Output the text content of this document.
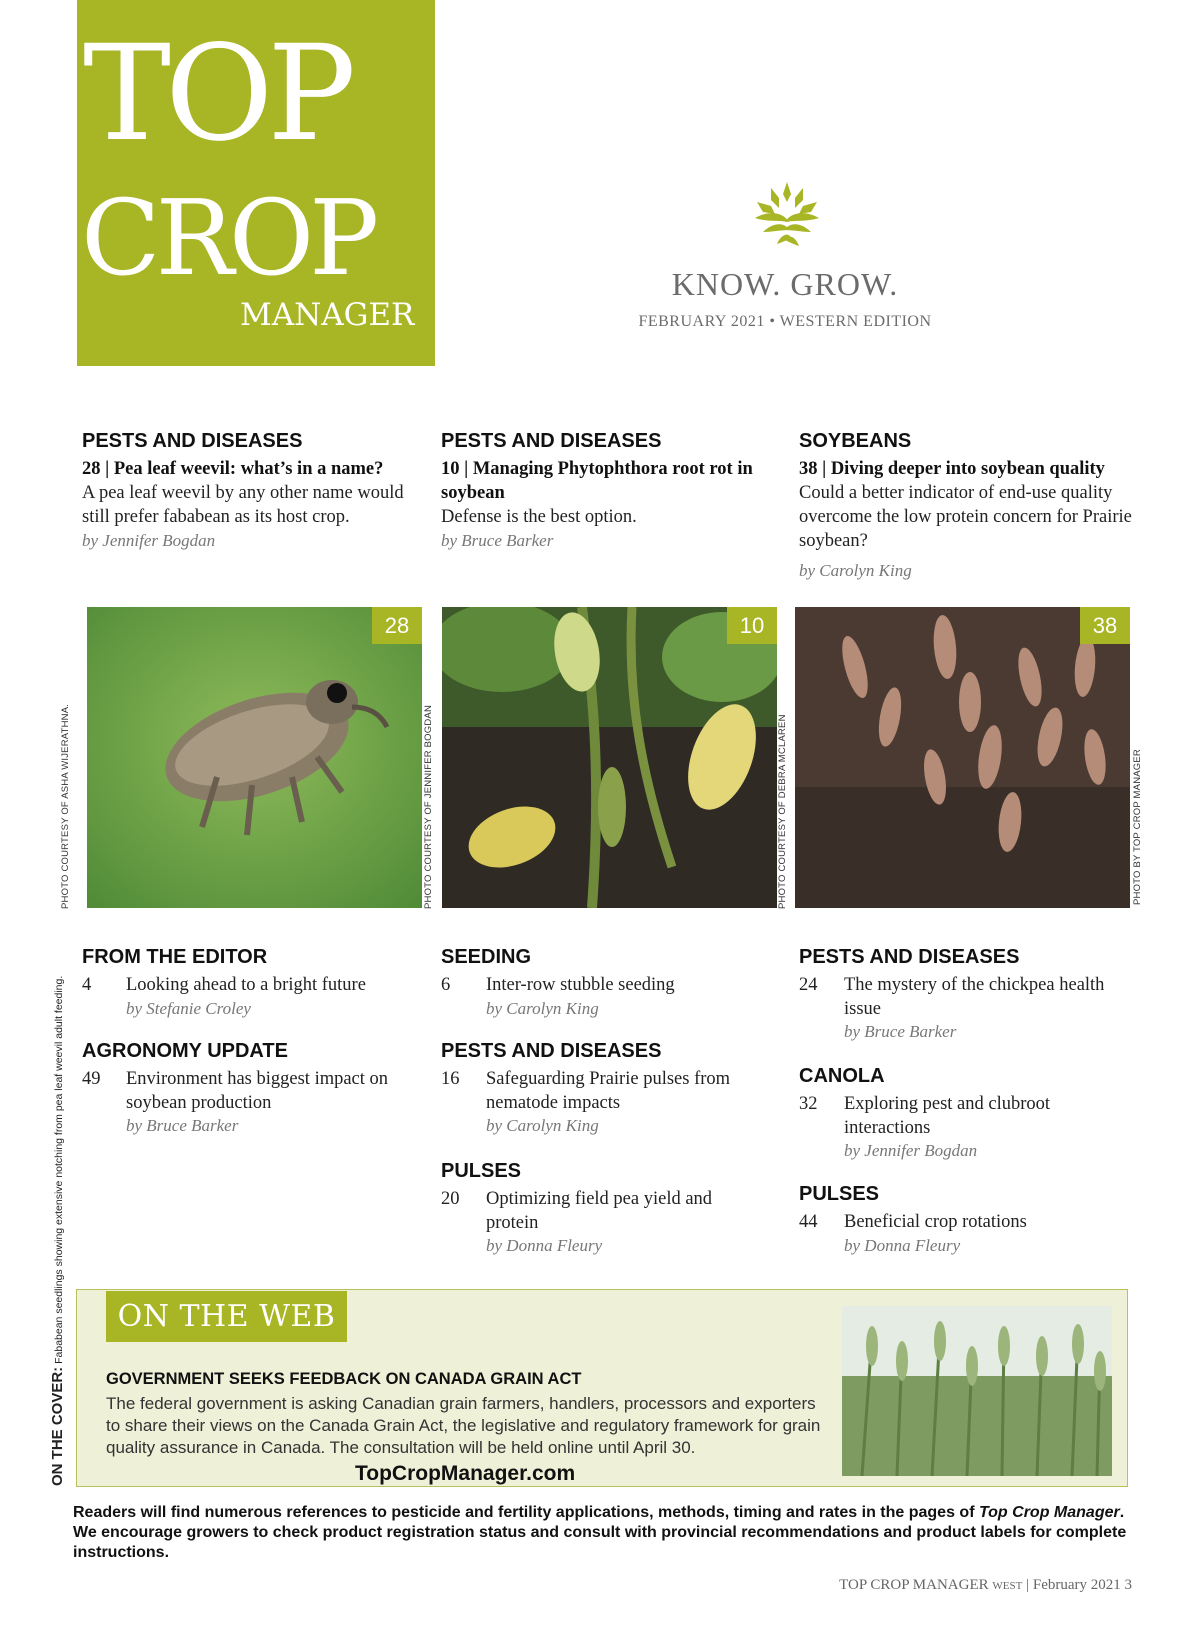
TOP
CROP
MANAGER
KNOW. GROW.
FEBRUARY 2021 • WESTERN EDITION
PESTS AND DISEASES
28 | Pea leaf weevil: what’s in a name?
A pea leaf weevil by any other name would still prefer fababean as its host crop.
by Jennifer Bogdan
PESTS AND DISEASES
10 | Managing Phytophthora root rot in soybean
Defense is the best option.
by Bruce Barker
SOYBEANS
38 | Diving deeper into soybean quality
Could a better indicator of end-use quality overcome the low protein concern for Prairie soybean?
by Carolyn King
28	10	38
PHOTO COURTESY OF ASHA WIJERATHNA.	PHOTO COURTESY OF JENNIFER BOGDAN	PHOTO COURTESY OF DEBRA MCLAREN	PHOTO BY TOP CROP MANAGER
FROM THE EDITOR
4 Looking ahead to a bright future
by Stefanie Croley
AGRONOMY UPDATE
49 Environment has biggest impact on soybean production
by Bruce Barker
SEEDING
6 Inter-row stubble seeding
by Carolyn King
PESTS AND DISEASES
16 Safeguarding Prairie pulses from nematode impacts
by Carolyn King
PULSES
20 Optimizing field pea yield and protein
by Donna Fleury
PESTS AND DISEASES
24 The mystery of the chickpea health issue
by Bruce Barker
CANOLA
32 Exploring pest and clubroot interactions
by Jennifer Bogdan
PULSES
44 Beneficial crop rotations
by Donna Fleury
ON THE WEB
GOVERNMENT SEEKS FEEDBACK ON CANADA GRAIN ACT
The federal government is asking Canadian grain farmers, handlers, processors and exporters to share their views on the Canada Grain Act, the legislative and regulatory framework for grain quality assurance in Canada. The consultation will be held online until April 30.
TopCropManager.com
ON THE COVER: Fababean seedlings showing extensive notching from pea leaf weevil adult feeding.
Readers will find numerous references to pesticide and fertility applications, methods, timing and rates in the pages of Top Crop Manager. We encourage growers to check product registration status and consult with provincial recommendations and product labels for complete instructions.
TOP CROP MANAGER WEST | February 2021 3
